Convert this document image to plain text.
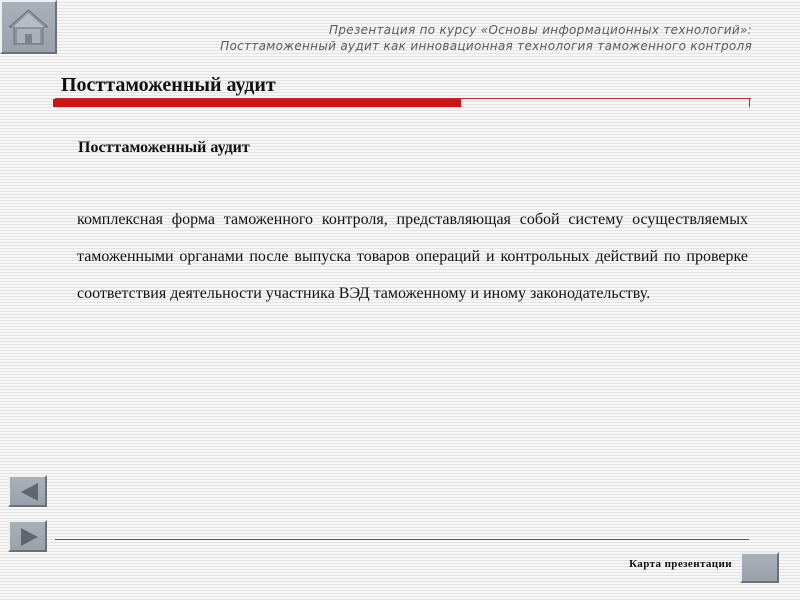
Презентация по курсу «Основы информационных технологий»:
Посттаможенный аудит как инновационная технология таможенного контроля
Посттаможенный аудит
Посттаможенный аудит

комплексная форма таможенного контроля, представляющая собой систему осуществляемых таможенными органами после выпуска товаров операций и контрольных действий по проверке соответствия деятельности участника ВЭД таможенному и иному законодательству.

Карта презентации
